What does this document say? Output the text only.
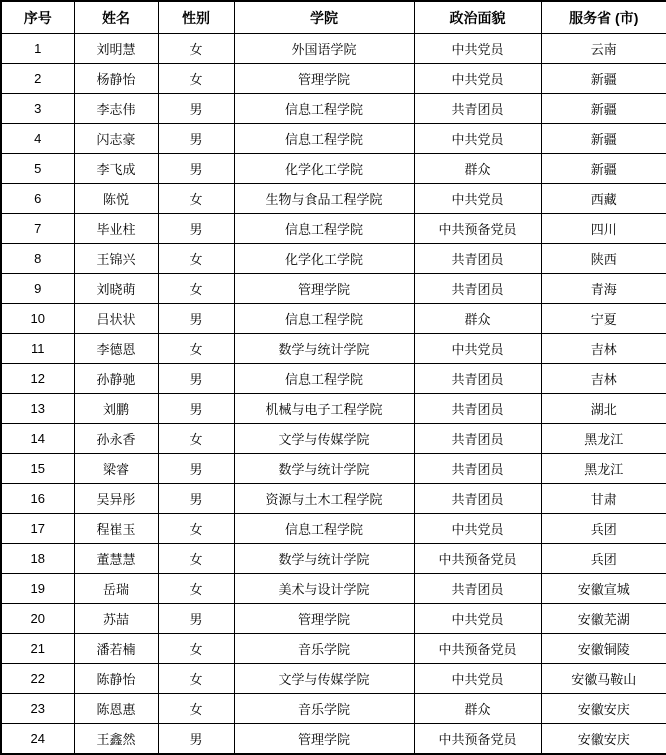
序号	姓名	性别	学院	政治面貌	服务省 (市)
1	刘明慧	女	外国语学院	中共党员	云南
2	杨静怡	女	管理学院	中共党员	新疆
3	李志伟	男	信息工程学院	共青团员	新疆
4	闪志豪	男	信息工程学院	中共党员	新疆
5	李飞成	男	化学化工学院	群众	新疆
6	陈悦	女	生物与食品工程学院	中共党员	西藏
7	毕业柱	男	信息工程学院	中共预备党员	四川
8	王锦兴	女	化学化工学院	共青团员	陕西
9	刘晓萌	女	管理学院	共青团员	青海
10	吕状状	男	信息工程学院	群众	宁夏
11	李德恩	女	数学与统计学院	中共党员	吉林
12	孙静驰	男	信息工程学院	共青团员	吉林
13	刘鹏	男	机械与电子工程学院	共青团员	湖北
14	孙永香	女	文学与传媒学院	共青团员	黑龙江
15	梁睿	男	数学与统计学院	共青团员	黑龙江
16	吴异彤	男	资源与土木工程学院	共青团员	甘肃
17	程崔玉	女	信息工程学院	中共党员	兵团
18	董慧慧	女	数学与统计学院	中共预备党员	兵团
19	岳瑞	女	美术与设计学院	共青团员	安徽宣城
20	苏喆	男	管理学院	中共党员	安徽芜湖
21	潘若楠	女	音乐学院	中共预备党员	安徽铜陵
22	陈静怡	女	文学与传媒学院	中共党员	安徽马鞍山
23	陈恩惠	女	音乐学院	群众	安徽安庆
24	王鑫然	男	管理学院	中共预备党员	安徽安庆
